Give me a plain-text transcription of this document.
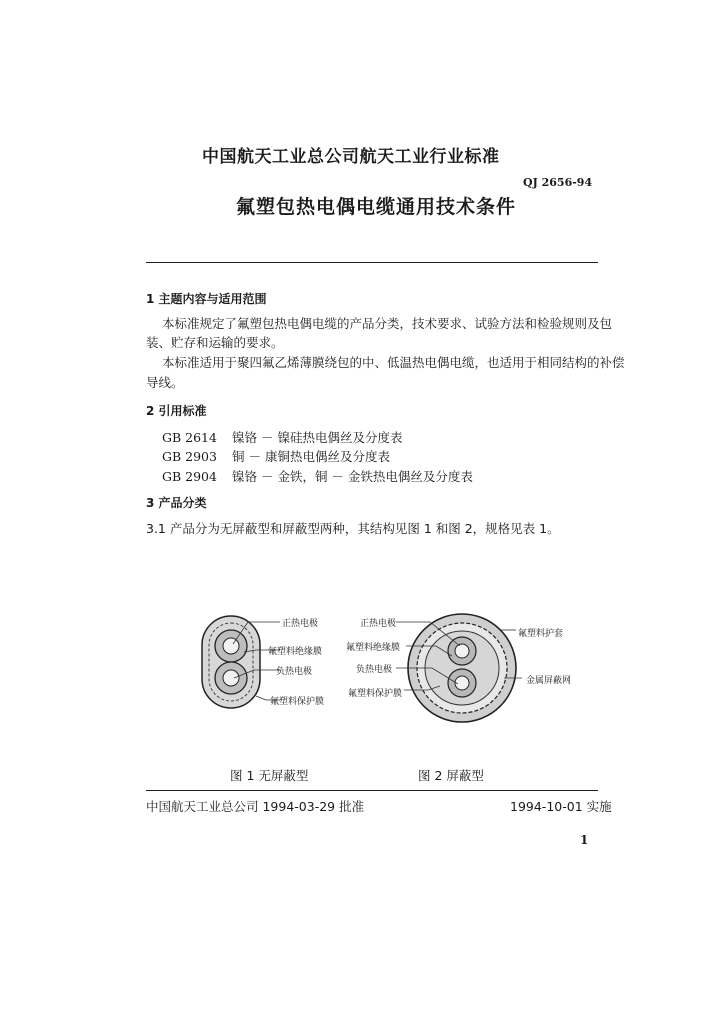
中国航天工业总公司航天工业行业标准
QJ 2656-94
氟塑包热电偶电缆通用技术条件
1 主题内容与适用范围
本标准规定了氟塑包热电偶电缆的产品分类，技术要求、试验方法和检验规则及包
装、贮存和运输的要求。
本标准适用于聚四氟乙烯薄膜绕包的中、低温热电偶电缆，也适用于相同结构的补偿
导线。
2 引用标准
GB 2614 镍铬 － 镍硅热电偶丝及分度表
GB 2903 铜 － 康铜热电偶丝及分度表
GB 2904 镍铬 － 金铁，铜 － 金铁热电偶丝及分度表
3 产品分类
3.1 产品分为无屏蔽型和屏蔽型两种，其结构见图 1 和图 2，规格见表 1。
正热电极
氟塑料绝缘膜
负热电极
氟塑料保护膜
正热电极
氟塑料绝缘膜
负热电极
氟塑料保护膜
氟塑料护套
金属屏蔽网
图 1 无屏蔽型	图 2 屏蔽型
中国航天工业总公司 1994-03-29 批准	1994-10-01 实施
1
